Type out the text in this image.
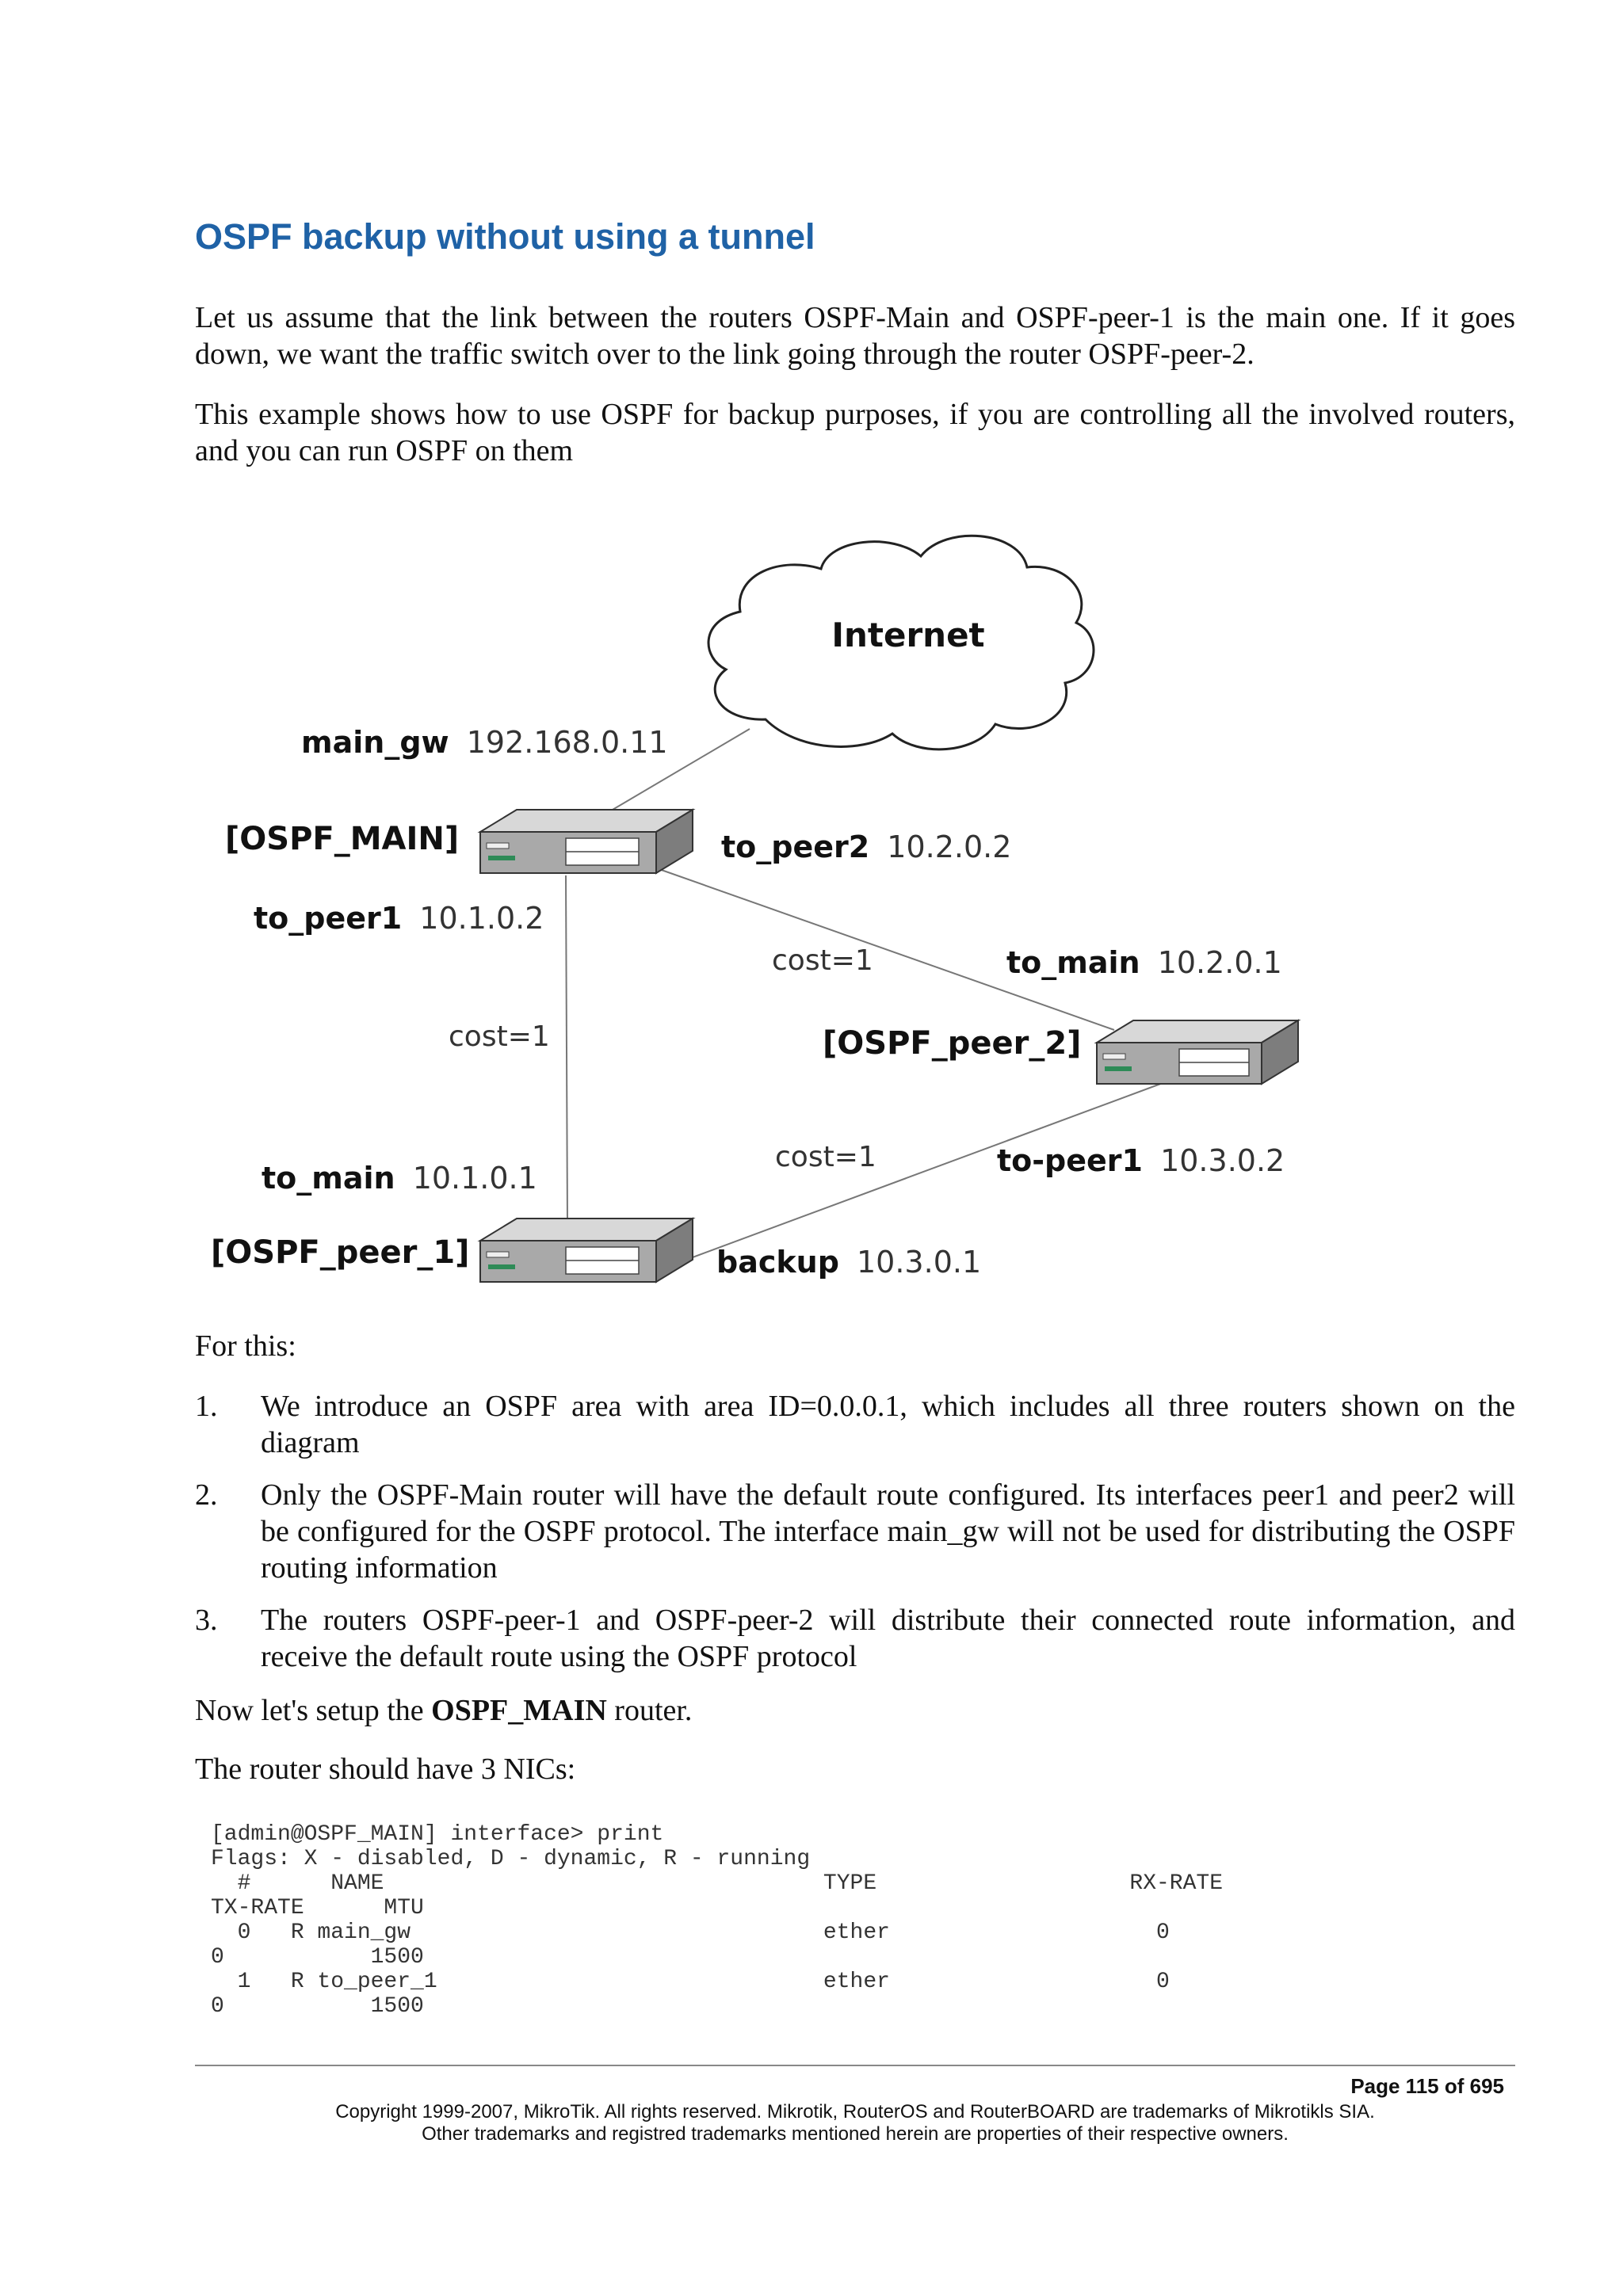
OSPF backup without using a tunnel

Let us assume that the link between the routers OSPF-Main and OSPF-peer-1 is the main one. If it goes down, we want the traffic switch over to the link going through the router OSPF-peer-2.

This example shows how to use OSPF for backup purposes, if you are controlling all the involved routers, and you can run OSPF on them

Internet
[OSPF_MAIN]
[OSPF_peer_2]
[OSPF_peer_1]
main_gw 192.168.0.11
to_peer2 10.2.0.2
to_peer1 10.1.0.2
to_main 10.2.0.1
to-peer1 10.3.0.2
to_main 10.1.0.1
backup 10.3.0.1
cost=1
cost=1
cost=1

For this:

1. We introduce an OSPF area with area ID=0.0.0.1, which includes all three routers shown on the diagram
2. Only the OSPF-Main router will have the default route configured. Its interfaces peer1 and peer2 will be configured for the OSPF protocol. The interface main_gw will not be used for distributing the OSPF routing information
3. The routers OSPF-peer-1 and OSPF-peer-2 will distribute their connected route information, and receive the default route using the OSPF protocol

Now let's setup the OSPF_MAIN router.

The router should have 3 NICs:

[admin@OSPF_MAIN] interface> print
Flags: X - disabled, D - dynamic, R - running
#      NAME                                 TYPE                   RX-RATE
TX-RATE      MTU
0   R main_gw                               ether                    0
0           1500
1   R to_peer_1                             ether                    0
0           1500
Page 115 of 695
Copyright 1999-2007, MikroTik. All rights reserved. Mikrotik, RouterOS and RouterBOARD are trademarks of Mikrotikls SIA.
Other trademarks and registred trademarks mentioned herein are properties of their respective owners.
